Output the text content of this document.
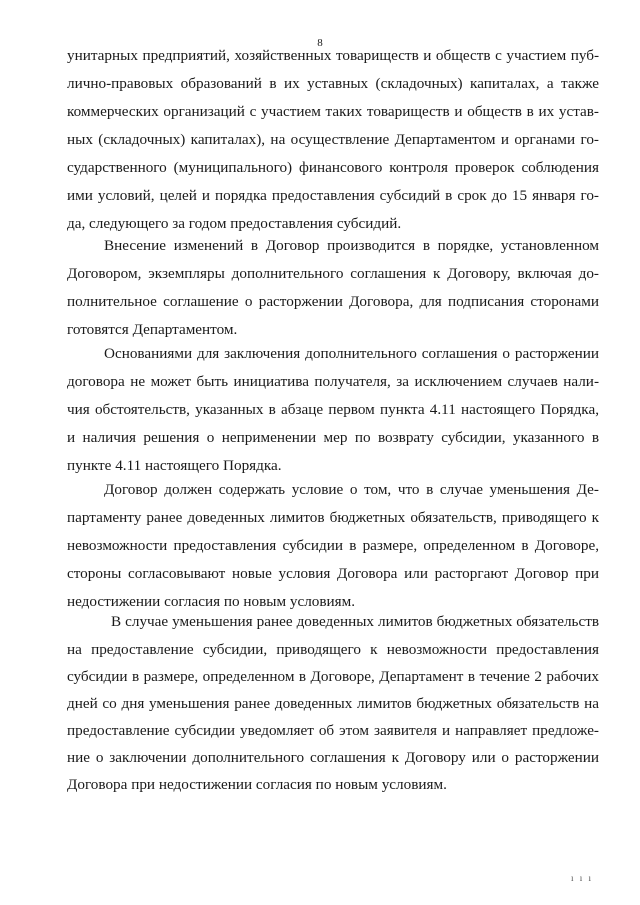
8
унитарных предприятий, хозяйственных товариществ и обществ с участием пуб-
лично-правовых образований в их уставных (складочных) капиталах, а также
коммерческих организаций с участием таких товариществ и обществ в их устав-
ных (складочных) капиталах), на осуществление Департаментом и органами го-
сударственного (муниципального) финансового контроля проверок соблюдения
ими условий, целей и порядка предоставления субсидий в срок до 15 января го-
да, следующего за годом предоставления субсидий.
Внесение изменений в Договор производится в порядке, установленном
Договором, экземпляры дополнительного соглашения к Договору, включая до-
полнительное соглашение о расторжении Договора, для подписания сторонами
готовятся Департаментом.
Основаниями для заключения дополнительного соглашения о расторжении
договора не может быть инициатива получателя, за исключением случаев нали-
чия обстоятельств, указанных в абзаце первом пункта 4.11 настоящего Порядка,
и наличия решения о неприменении мер по возврату субсидии, указанного в
пункте 4.11 настоящего Порядка.
Договор должен содержать условие о том, что в случае уменьшения Де-
партаменту ранее доведенных лимитов бюджетных обязательств, приводящего к
невозможности предоставления субсидии в размере, определенном в Договоре,
стороны согласовывают новые условия Договора или расторгают Договор при
недостижении согласия по новым условиям.
В случае уменьшения ранее доведенных лимитов бюджетных обязательств
на предоставление субсидии, приводящего к невозможности предоставления
субсидии в размере, определенном в Договоре, Департамент в течение 2 рабочих
дней со дня уменьшения ранее доведенных лимитов бюджетных обязательств на
предоставление субсидии уведомляет об этом заявителя и направляет предложе-
ние о заключении дополнительного соглашения к Договору или о расторжении
Договора при недостижении согласия по новым условиям.
ı ı ı
